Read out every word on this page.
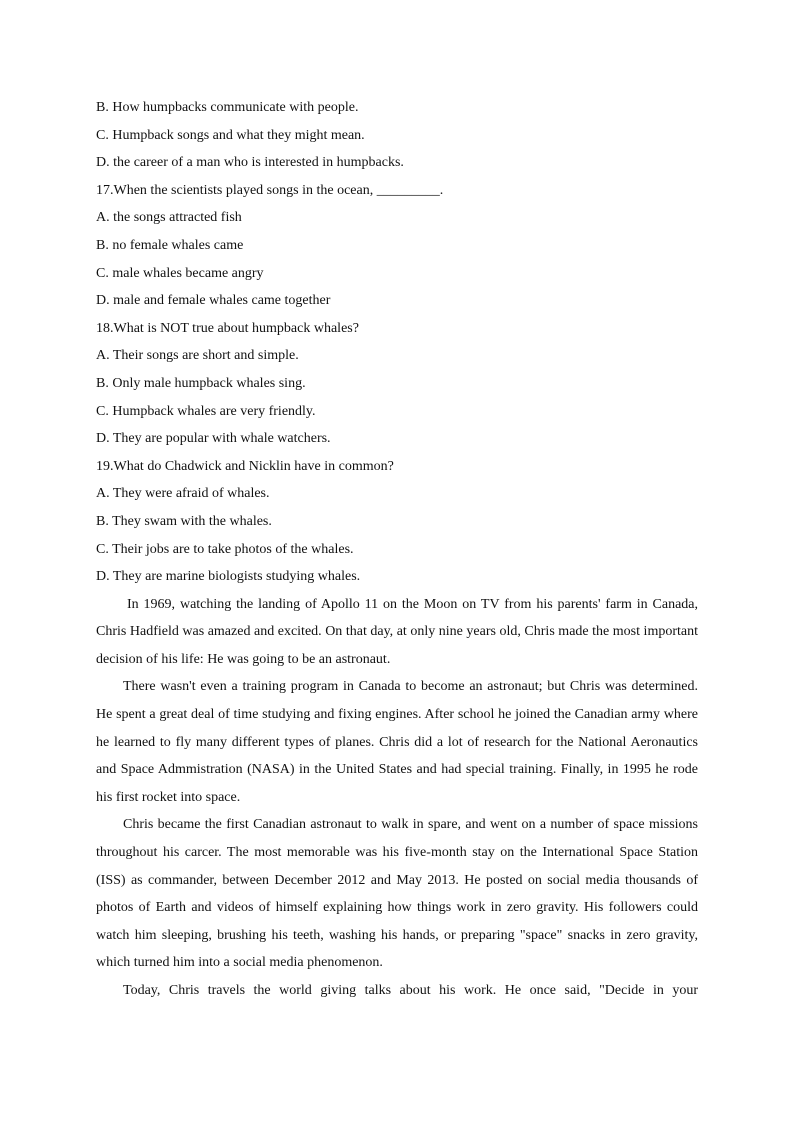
B. How humpbacks communicate with people.

C. Humpback songs and what they might mean.

D. the career of a man who is interested in humpbacks.

17.When the scientists played songs in the ocean, _________.

A. the songs attracted fish

B. no female whales came

C. male whales became angry

D. male and female whales came together

18.What is NOT true about humpback whales?

A. Their songs are short and simple.

B. Only male humpback whales sing.

C. Humpback whales are very friendly.

D. They are popular with whale watchers.

19.What do Chadwick and Nicklin have in common?

A. They were afraid of whales.

B. They swam with the whales.

C. Their jobs are to take photos of the whales.

D. They are marine biologists studying whales.

In 1969, watching the landing of Apollo 11 on the Moon on TV from his parents' farm in Canada, Chris Hadfield was amazed and excited. On that day, at only nine years old, Chris made the most important decision of his life: He was going to be an astronaut.

There wasn't even a training program in Canada to become an astronaut; but Chris was determined. He spent a great deal of time studying and fixing engines. After school he joined the Canadian army where he learned to fly many different types of planes. Chris did a lot of research for the National Aeronautics and Space Admmistration (NASA) in the United States and had special training. Finally, in 1995 he rode his first rocket into space.

Chris became the first Canadian astronaut to walk in spare, and went on a number of space missions throughout his carcer. The most memorable was his five-month stay on the International Space Station (ISS) as commander, between December 2012 and May 2013. He posted on social media thousands of photos of Earth and videos of himself explaining how things work in zero gravity. His followers could watch him sleeping, brushing his teeth, washing his hands, or preparing "space" snacks in zero gravity, which turned him into a social media phenomenon.

Today, Chris travels the world giving talks about his work. He once said, "Decide in your
